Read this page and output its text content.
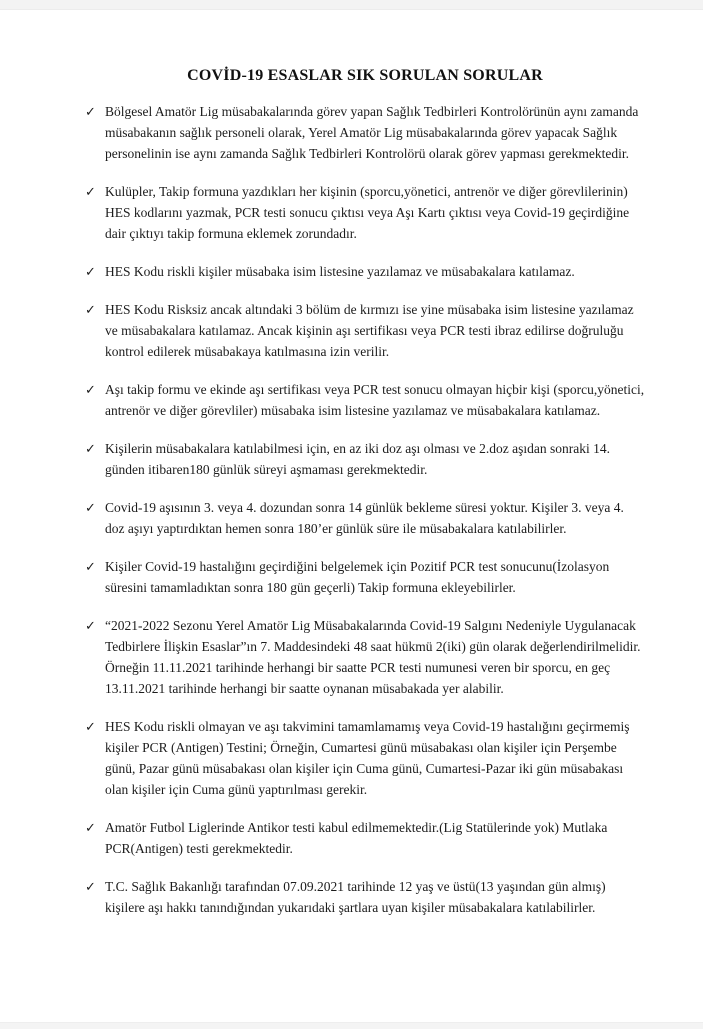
COVİD-19 ESASLAR SIK SORULAN SORULAR
✓ Bölgesel Amatör Lig müsabakalarında görev yapan Sağlık Tedbirleri Kontrolörünün aynı zamanda müsabakanın sağlık personeli olarak, Yerel Amatör Lig müsabakalarında görev yapacak Sağlık personelinin ise aynı zamanda Sağlık Tedbirleri Kontrolörü olarak görev yapması gerekmektedir.
✓ Kulüpler, Takip formuna yazdıkları her kişinin (sporcu,yönetici, antrenör ve diğer görevlilerinin) HES kodlarını yazmak, PCR testi sonucu çıktısı veya Aşı Kartı çıktısı veya Covid-19 geçirdiğine dair çıktıyı takip formuna eklemek zorundadır.
✓ HES Kodu riskli kişiler müsabaka isim listesine yazılamaz ve müsabakalara katılamaz.
✓ HES Kodu Risksiz ancak altındaki 3 bölüm de kırmızı ise yine müsabaka isim listesine yazılamaz ve müsabakalara katılamaz. Ancak kişinin aşı sertifikası veya PCR testi ibraz edilirse doğruluğu kontrol edilerek müsabakaya katılmasına izin verilir.
✓ Aşı takip formu ve ekinde aşı sertifikası veya PCR test sonucu olmayan hiçbir kişi (sporcu,yönetici, antrenör ve diğer görevliler) müsabaka isim listesine yazılamaz ve müsabakalara katılamaz.
✓ Kişilerin müsabakalara katılabilmesi için, en az iki doz aşı olması ve 2.doz aşıdan sonraki 14. günden itibaren180 günlük süreyi aşmaması gerekmektedir.
✓ Covid-19 aşısının 3. veya 4. dozundan sonra 14 günlük bekleme süresi yoktur. Kişiler 3. veya 4. doz aşıyı yaptırdıktan hemen sonra 180’er günlük süre ile müsabakalara katılabilirler.
✓ Kişiler Covid-19 hastalığını geçirdiğini belgelemek için Pozitif PCR test sonucunu(İzolasyon süresini tamamladıktan sonra 180 gün geçerli) Takip formuna ekleyebilirler.
✓ “2021-2022 Sezonu Yerel Amatör Lig Müsabakalarında Covid-19 Salgını Nedeniyle Uygulanacak Tedbirlere İlişkin Esaslar”ın 7. Maddesindeki 48 saat hükmü 2(iki) gün olarak değerlendirilmelidir. Örneğin 11.11.2021 tarihinde herhangi bir saatte PCR testi numunesi veren bir sporcu, en geç 13.11.2021 tarihinde herhangi bir saatte oynanan müsabakada yer alabilir.
✓ HES Kodu riskli olmayan ve aşı takvimini tamamlamamış veya Covid-19 hastalığını geçirmemiş kişiler PCR (Antigen) Testini; Örneğin, Cumartesi günü müsabakası olan kişiler için Perşembe günü, Pazar günü müsabakası olan kişiler için Cuma günü, Cumartesi-Pazar iki gün müsabakası olan kişiler için Cuma günü yaptırılması gerekir.
✓ Amatör Futbol Liglerinde Antikor testi kabul edilmemektedir.(Lig Statülerinde yok) Mutlaka PCR(Antigen) testi gerekmektedir.
✓ T.C. Sağlık Bakanlığı tarafından 07.09.2021 tarihinde 12 yaş ve üstü(13 yaşından gün almış) kişilere aşı hakkı tanındığından yukarıdaki şartlara uyan kişiler müsabakalara katılabilirler.
